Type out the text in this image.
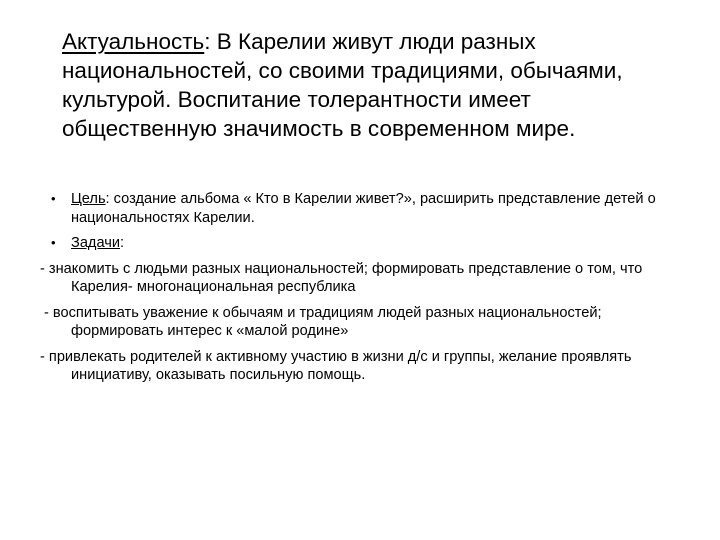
Актуальность: В Карелии живут люди разных национальностей, со своими традициями, обычаями, культурой. Воспитание толерантности имеет общественную значимость в современном мире.
• Цель: создание альбома « Кто в Карелии живет?», расширить представление детей о национальностях Карелии.
• Задачи:
- знакомить с людьми разных национальностей; формировать представление о том, что Карелия- многонациональная республика
- воспитывать уважение к обычаям и традициям людей разных национальностей; формировать интерес к «малой родине»
- привлекать родителей к активному участию в жизни д/с и группы, желание проявлять инициативу, оказывать посильную помощь.
